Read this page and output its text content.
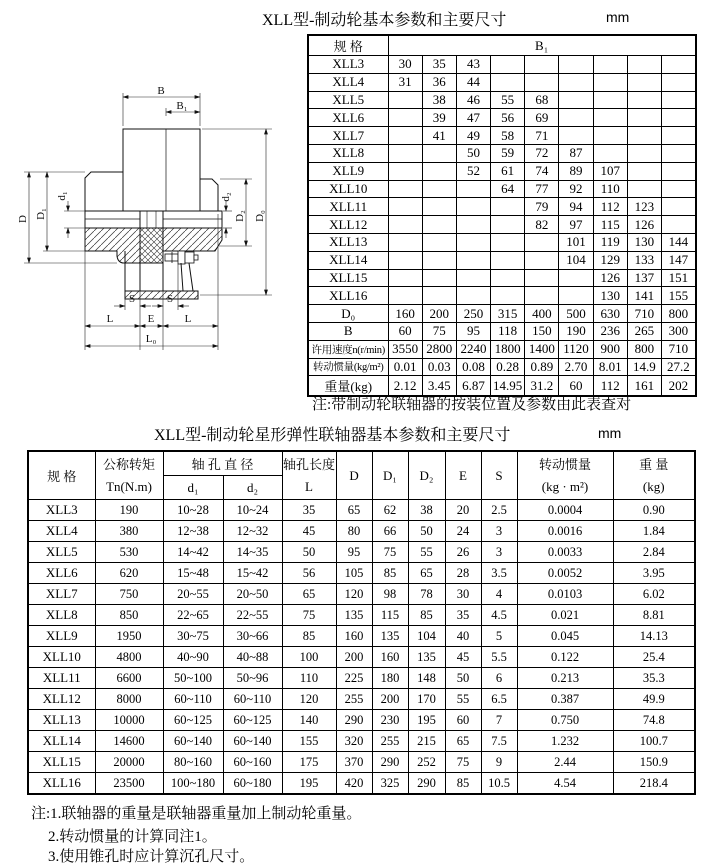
XLL型-制动轮基本参数和主要尺寸	mm
B
B₁
D D₁
d₁	d₂
D₂ D₀
S	S
L	E	L
L₀
规 格	B₁								
XLL3	30	35	43						
XLL4	31	36	44						
XLL5		38	46	55	68				
XLL6		39	47	56	69				
XLL7		41	49	58	71				
XLL8			50	59	72	87			
XLL9			52	61	74	89	107		
XLL10				64	77	92	110		
XLL11					79	94	112	123	
XLL12					82	97	115	126	
XLL13						101	119	130	144
XLL14						104	129	133	147
XLL15							126	137	151
XLL16							130	141	155
D₀	160	200	250	315	400	500	630	710	800
B	60	75	95	118	150	190	236	265	300
许用速度n(r/min)	3550	2800	2240	1800	1400	1120	900	800	710
转动惯量(kg/m²)	0.01	0.03	0.08	0.28	0.89	2.70	8.01	14.9	27.2
重量(kg)	2.12	3.45	6.87	14.95	31.2	60	112	161	202
注:带制动轮联轴器的按装位置及参数由此表查对
XLL型-制动轮星形弹性联轴器基本参数和主要尺寸	mm
规 格	
公称转矩
Tn(N.m)
	轴 孔 直 径	轴孔长度
L
	D	D₁	D₂	E	S	
转动惯量
(kg · m²)

重 量
(kg)

		d₁	d₂								
XLL3	190	10~28	10~24	35	65	62	38	20	2.5	0.0004	0.90
XLL4	380	12~38	12~32	45	80	66	50	24	3	0.0016	1.84
XLL5	530	14~42	14~35	50	95	75	55	26	3	0.0033	2.84
XLL6	620	15~48	15~42	56	105	85	65	28	3.5	0.0052	3.95
XLL7	750	20~55	20~50	65	120	98	78	30	4	0.0103	6.02
XLL8	850	22~65	22~55	75	135	115	85	35	4.5	0.021	8.81
XLL9	1950	30~75	30~66	85	160	135	104	40	5	0.045	14.13
XLL10	4800	40~90	40~88	100	200	160	135	45	5.5	0.122	25.4
XLL11	6600	50~100	50~96	110	225	180	148	50	6	0.213	35.3
XLL12	8000	60~110	60~110	120	255	200	170	55	6.5	0.387	49.9
XLL13	10000	60~125	60~125	140	290	230	195	60	7	0.750	74.8
XLL14	14600	60~140	60~140	155	320	255	215	65	7.5	1.232	100.7
XLL15	20000	80~160	60~160	175	370	290	252	75	9	2.44	150.9
XLL16	23500	100~180	60~180	195	420	325	290	85	10.5	4.54	218.4
注:1.联轴器的重量是联轴器重量加上制动轮重量。
2.转动惯量的计算同注1。
3.使用锥孔时应计算沉孔尺寸。
